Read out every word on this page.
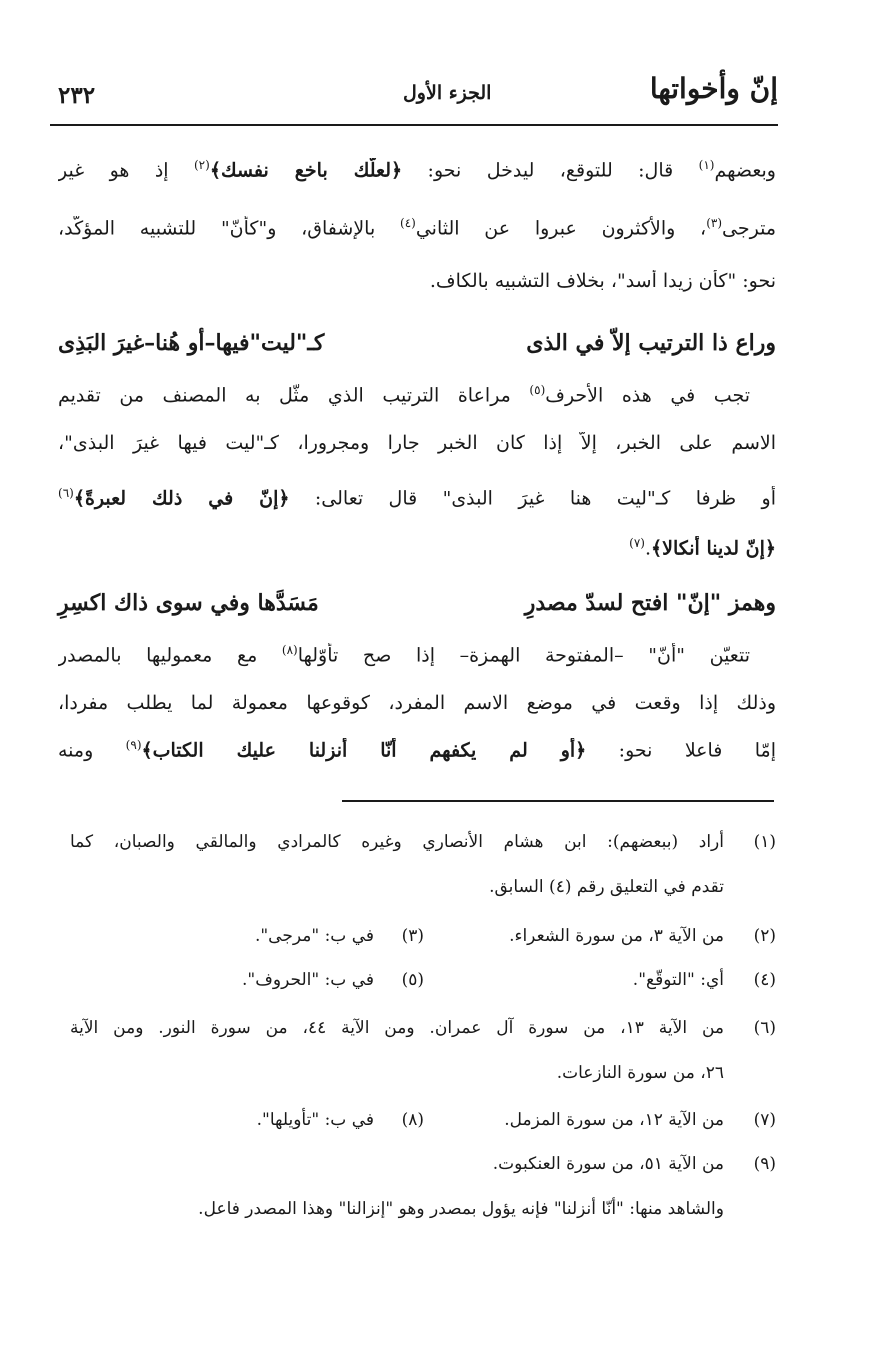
إنّ وأخواتها
الجزء الأول
٢٣٢
وبعضهم$^{(١)}$ قال: للتوقع، ليدخل نحو: ﴿لعلّك باخع نفسك﴾$^{(٢)}$ إذ هو غير
مترجى$^{(٣)}$، والأكثرون عبروا عن الثاني$^{(٤)}$ بالإشفاق، و"كأنّ" للتشبيه المؤكّد،
نحو: "كأن زيدا أسد"، بخلاف التشبيه بالكاف.
وراع ذا الترتيب إلاّ في الذى
كـ"ليت"فيها–أو هُنا–غيرَ البَذِى
تجب في هذه الأحرف$^{(٥)}$ مراعاة الترتيب الذي مثّل به المصنف من تقديم
الاسم على الخبر، إلاّ إذا كان الخبر جارا ومجرورا، كـ"ليت فيها غيرَ البذى"،
أو ظرفا كـ"ليت هنا غيرَ البذى" قال تعالى: ﴿إنّ في ذلك لعبرةً﴾$^{(٦)}$
﴿إنّ لدينا أنكالا﴾.$^{(٧)}$
وهمز "إنّ" افتح لسدّ مصدرِ
مَسَدَّها وفي سوى ذاك اكسِرِ
تتعيّن "أنّ" –المفتوحة الهمزة– إذا صح تأوّلها$^{(٨)}$ مع معموليها بالمصدر
وذلك إذا وقعت في موضع الاسم المفرد، كوقوعها معمولة لما يطلب مفردا،
إمّا فاعلا نحو: ﴿أو لم يكفهم أنّا أنزلنا عليك الكتاب﴾$^{(٩)}$ ومنه
(١)
أراد (ببعضهم): ابن هشام الأنصاري وغيره كالمرادي والمالقي والصبان، كما
تقدم في التعليق رقم (٤) السابق.
(٢)
من الآية ٣، من سورة الشعراء.
(٣)
في ب: "مرجى".
(٤)
أي: "التوقّع".
(٥)
في ب: "الحروف".
(٦)
من الآية ١٣، من سورة آل عمران. ومن الآية ٤٤، من سورة النور. ومن الآية
٢٦، من سورة النازعات.
(٧)
من الآية ١٢، من سورة المزمل.
(٨)
في ب: "تأويلها".
(٩)
من الآية ٥١، من سورة العنكبوت.
والشاهد منها: "أنّا أنزلنا" فإنه يؤول بمصدر وهو "إنزالنا" وهذا المصدر فاعل.
